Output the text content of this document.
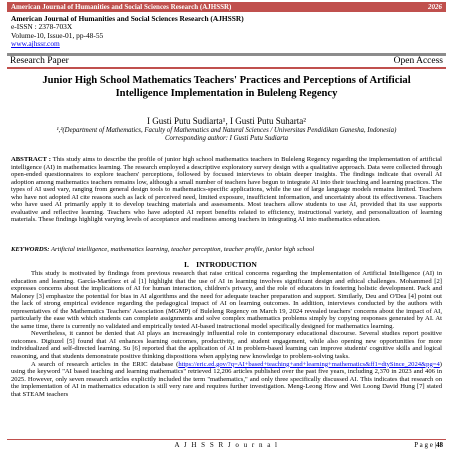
American Journal of Humanities and Social Sciences Research (AJHSSR)	2026
American Journal of Humanities and Social Sciences Research (AJHSSR)
e-ISSN : 2378-703X
Volume-10, Issue-01, pp-48-55
www.ajhssr.com
Research Paper	Open Access
Junior High School Mathematics Teachers' Practices and Perceptions of Artificial Intelligence Implementation in Buleleng Regency
I Gusti Putu Sudiarta¹, I Gusti Putu Suharta²
¹,²(Department of Mathematics, Faculty of Mathematics and Natural Sciences / Universitas Pendidikan Ganesha, Indonesia)
Corresponding author: I Gusti Putu Sudiarta
ABSTRACT : This study aims to describe the profile of junior high school mathematics teachers in Buleleng Regency regarding the implementation of artificial intelligence (AI) in mathematics learning. The research employed a descriptive exploratory survey design with a qualitative approach. Data were collected through open-ended questionnaires to explore teachers' perceptions, followed by focused interviews to obtain deeper insights. The findings indicate that overall AI adoption among mathematics teachers remains low, although a small number of teachers have begun to integrate AI into their teaching and learning practices. The types of AI used vary, ranging from general design tools to mathematics-specific applications, while the use of large language models remains limited. Teachers who have not adopted AI cite reasons such as lack of perceived need, limited exposure, insufficient information, and uncertainty about its effectiveness. Teachers who have used AI primarily apply it to develop teaching materials and assessments. Most teachers allow students to use AI, provided that its use supports evaluative and reflective learning. Teachers who have adopted AI report benefits related to efficiency, instructional variety, and personalization of learning materials. These findings highlight varying levels of acceptance and readiness among teachers in integrating AI into mathematics education.
KEYWORDS: Artificial intelligence, mathematics learning, teacher perception, teacher profile, junior high school
I. INTRODUCTION

This study is motivated by findings from previous research that raise critical concerns regarding the implementation of Artificial Intelligence (AI) in education and learning. García-Martínez et al [1] highlight that the use of AI in learning involves significant design and ethical challenges. Mohammed [2] expresses concerns about the implications of AI for human interaction, children's privacy, and the role of educators in fostering holistic development. Pack and Maloney [3] emphasize the potential for bias in AI algorithms and the need for adequate teacher preparation and support. Similarly, Deu and O'Dea [4] point out the lack of strong empirical evidence regarding the pedagogical impact of AI on learning outcomes. In addition, interviews conducted by the authors with representatives of the Mathematics Teachers' Association (MGMP) of Buleleng Regency on March 19, 2024 revealed teachers' concerns about the impact of AI, particularly the ease with which students can complete assignments and solve complex mathematics problems simply by copying responses generated by AI. At the same time, there is currently no validated and empirically tested AI-based instructional model specifically designed for mathematics learning.

Nevertheless, it cannot be denied that AI plays an increasingly influential role in contemporary educational discourse. Several studies report positive outcomes. Digiuzel [5] found that AI enhances learning outcomes, productivity, and student engagement, while also opening new opportunities for more individualized and self-directed learning. Su [6] reported that the application of AI in problem-based learning can improve students' cognitive skills and logical reasoning, and that students demonstrate positive thinking dispositions when applying new knowledge to problem-solving tasks.

A search of research articles in the ERIC database (https://eric.ed.gov/?q=AI+based+teaching+and+learning+mathematics&ff1=dtySince_2024&pg=4) using the keyword "AI based teaching and learning mathematics" retrieved 12,206 articles published over the past five years, including 2,370 in 2023 and 406 in 2025. However, only seven research articles explicitly included the term "mathematics," and only three specifically discussed AI. This indicates that research on the implementation of AI in mathematics education is still very rare and requires further investigation. Meng-Leong How and Wei Loong David Hung [7] stated that STEAM teachers

A J H S S R J o u r n a l	P a g e |48
